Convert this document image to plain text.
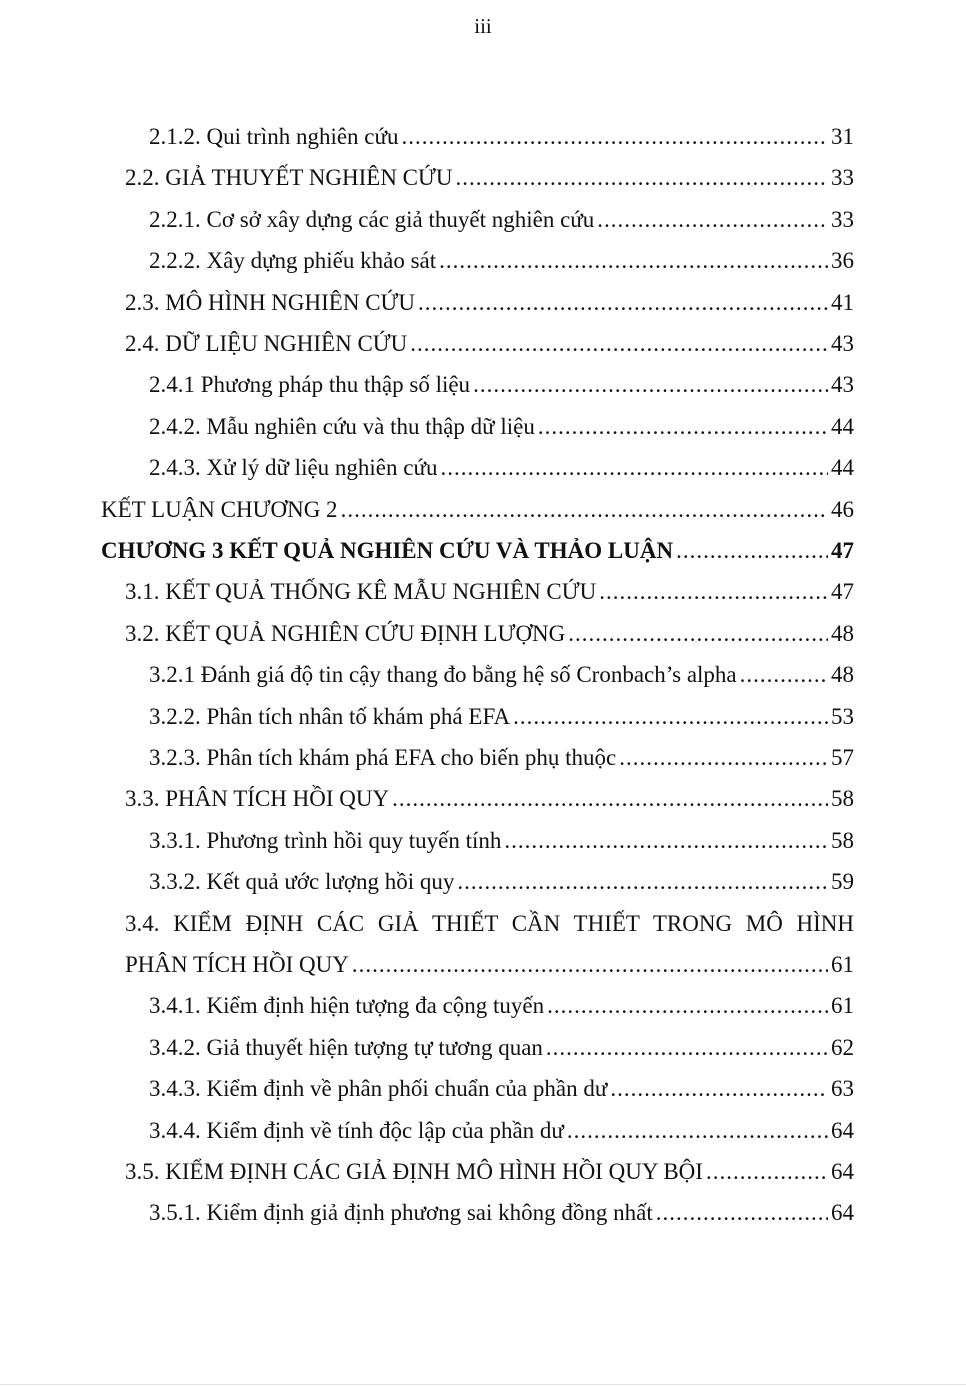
iii
2.1.2. Qui trình nghiên cứu .....	31
2.2. GIẢ THUYẾT NGHIÊN CỨU .....	33
2.2.1. Cơ sở xây dựng các giả thuyết nghiên cứu .....	33
2.2.2. Xây dựng phiếu khảo sát .....	36
2.3. MÔ HÌNH NGHIÊN CỨU .....	41
2.4. DỮ LIỆU NGHIÊN CỨU .....	43
2.4.1 Phương pháp thu thập số liệu .....	43
2.4.2. Mẫu nghiên cứu và thu thập dữ liệu .....	44
2.4.3. Xử lý dữ liệu nghiên cứu .....	44
KẾT LUẬN CHƯƠNG 2 .....	46
CHƯƠNG 3 KẾT QUẢ NGHIÊN CỨU VÀ THẢO LUẬN .....	47
3.1. KẾT QUẢ THỐNG KÊ MẪU NGHIÊN CỨU .....	47
3.2. KẾT QUẢ NGHIÊN CỨU ĐỊNH LƯỢNG .....	48
3.2.1 Đánh giá độ tin cậy thang đo bằng hệ số Cronbach’s alpha .....	48
3.2.2. Phân tích nhân tố khám phá EFA .....	53
3.2.3. Phân tích khám phá EFA cho biến phụ thuộc .....	57
3.3. PHÂN TÍCH HỒI QUY .....	58
3.3.1. Phương trình hồi quy tuyến tính .....	58
3.3.2. Kết quả ước lượng hồi quy .....	59
3.4. KIỂM ĐỊNH CÁC GIẢ THIẾT CẦN THIẾT TRONG MÔ HÌNH
PHÂN TÍCH HỒI QUY .....	61
3.4.1. Kiểm định hiện tượng đa cộng tuyến .....	61
3.4.2. Giả thuyết hiện tượng tự tương quan .....	62
3.4.3. Kiểm định về phân phối chuẩn của phần dư .....	63
3.4.4. Kiểm định về tính độc lập của phần dư .....	64
3.5. KIỂM ĐỊNH CÁC GIẢ ĐỊNH MÔ HÌNH HỒI QUY BỘI .....	64
3.5.1. Kiểm định giả định phương sai không đồng nhất .....	64
